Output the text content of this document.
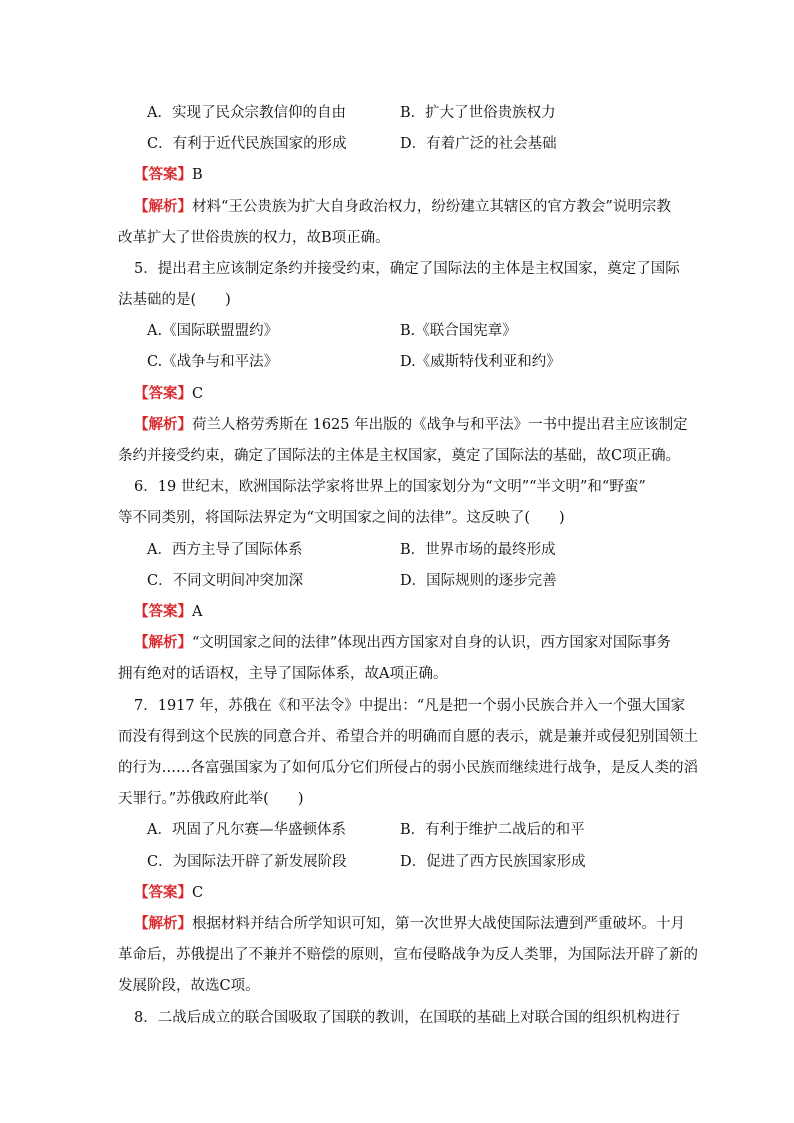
A．实现了民众宗教信仰的自由	B．扩大了世俗贵族权力
C．有利于近代民族国家的形成	D．有着广泛的社会基础
【答案】B
【解析】材料“王公贵族为扩大自身政治权力，纷纷建立其辖区的官方教会”说明宗教
改革扩大了世俗贵族的权力，故B项正确。
5．提出君主应该制定条约并接受约束，确定了国际法的主体是主权国家，奠定了国际
法基础的是(　　)
A.《国际联盟盟约》	B.《联合国宪章》
C.《战争与和平法》	D.《威斯特伐利亚和约》
【答案】C
【解析】荷兰人格劳秀斯在 1625 年出版的《战争与和平法》一书中提出君主应该制定
条约并接受约束，确定了国际法的主体是主权国家，奠定了国际法的基础，故C项正确。
6．19 世纪末，欧洲国际法学家将世界上的国家划分为“文明”“半文明”和“野蛮”
等不同类别，将国际法界定为“文明国家之间的法律”。这反映了(　　)
A．西方主导了国际体系	B．世界市场的最终形成
C．不同文明间冲突加深	D．国际规则的逐步完善
【答案】A
【解析】“文明国家之间的法律”体现出西方国家对自身的认识，西方国家对国际事务
拥有绝对的话语权，主导了国际体系，故A项正确。
7．1917 年，苏俄在《和平法令》中提出：“凡是把一个弱小民族合并入一个强大国家
而没有得到这个民族的同意合并、希望合并的明确而自愿的表示，就是兼并或侵犯别国领土
的行为……各富强国家为了如何瓜分它们所侵占的弱小民族而继续进行战争，是反人类的滔
天罪行。”苏俄政府此举(　　)
A．巩固了凡尔赛—华盛顿体系	B．有利于维护二战后的和平
C．为国际法开辟了新发展阶段	D．促进了西方民族国家形成
【答案】C
【解析】根据材料并结合所学知识可知，第一次世界大战使国际法遭到严重破坏。十月
革命后，苏俄提出了不兼并不赔偿的原则，宣布侵略战争为反人类罪，为国际法开辟了新的
发展阶段，故选C项。
8．二战后成立的联合国吸取了国联的教训，在国联的基础上对联合国的组织机构进行
